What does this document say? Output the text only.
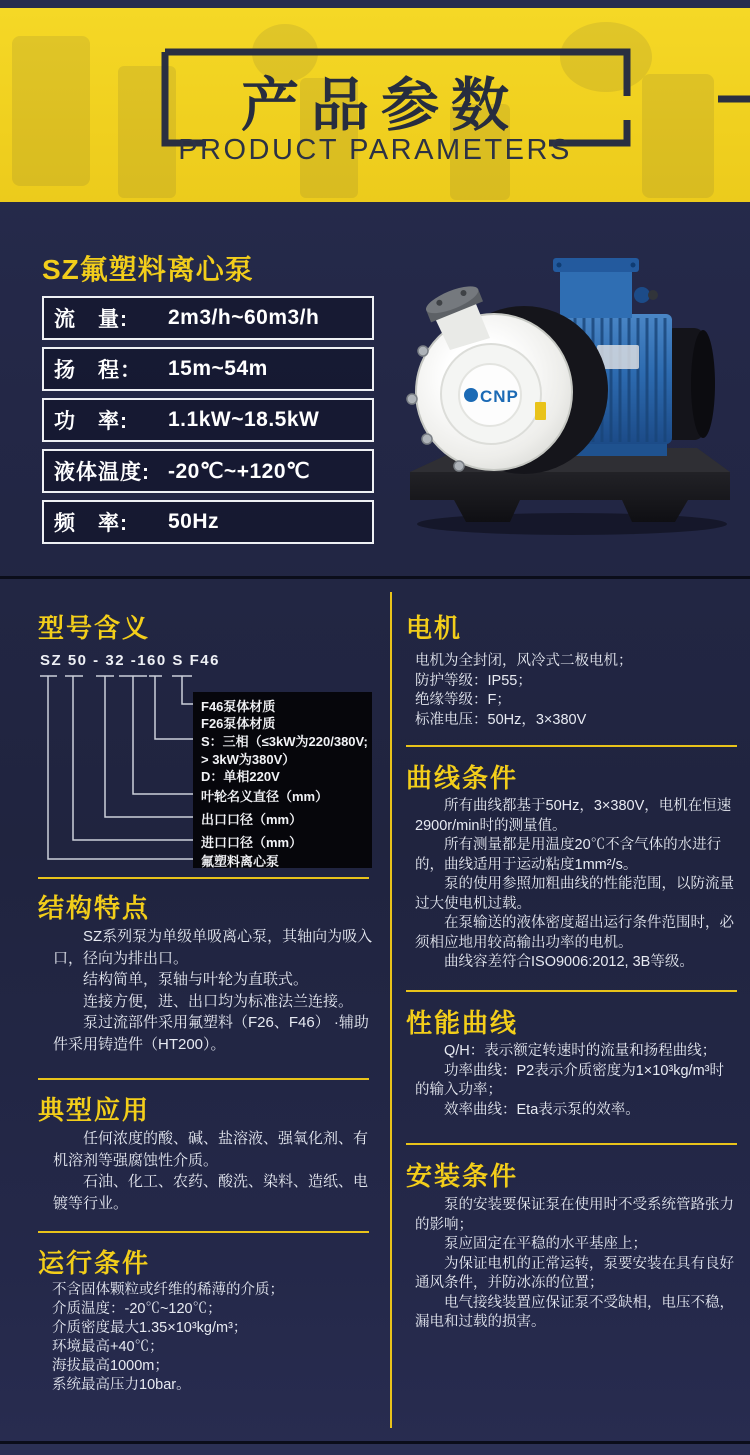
产品参数
PRODUCT PARAMETERS
SZ氟塑料离心泵
流　量:	2m3/h~60m3/h
扬　程：	15m~54m
功　率:	1.1kW~18.5kW
液体温度: -20℃~+120℃
频　率:	50Hz
CNP
型号含义
SZ 50 - 32 -160 S F46
F46泵体材质
F26泵体材质
S：三相（≤3kW为220/380V;
> 3kW为380V）
D：单相220V
叶轮名义直径（mm）
出口口径（mm）
进口口径（mm）
氟塑料离心泵
结构特点

SZ系列泵为单级单吸离心泵，其轴向为吸入口，径向为排出口。

结构简单，泵轴与叶轮为直联式。

连接方便，进、出口均为标准法兰连接。

泵过流部件采用氟塑料（F26、F46） ·辅助件采用铸造件（HT200）。

典型应用

任何浓度的酸、碱、盐溶液、强氧化剂、有机溶剂等强腐蚀性介质。

石油、化工、农药、酸洗、染料、造纸、电镀等行业。

运行条件

不含固体颗粒或纤维的稀薄的介质；

介质温度：-20℃~120℃；

介质密度最大1.35×10³kg/m³；

环境最高+40℃；

海拔最高1000m；

系统最高压力10bar。

电机

电机为全封闭，风冷式二极电机；

防护等级：IP55；

绝缘等级：F；

标准电压：50Hz，3×380V

曲线条件

所有曲线都基于50Hz，3×380V，电机在恒速2900r/min时的测量值。

所有测量都是用温度20℃不含气体的水进行的，曲线适用于运动粘度1mm²/s。

泵的使用参照加粗曲线的性能范围，以防流量过大使电机过载。

在泵输送的液体密度超出运行条件范围时，必须相应地用较高输出功率的电机。

曲线容差符合ISO9006:2012, 3B等级。

性能曲线

Q/H：表示额定转速时的流量和扬程曲线；

功率曲线：P2表示介质密度为1×10³kg/m³时的输入功率；

效率曲线：Eta表示泵的效率。

安装条件

泵的安装要保证泵在使用时不受系统管路张力的影响；

泵应固定在平稳的水平基座上；

为保证电机的正常运转，泵要安装在具有良好通风条件，并防冰冻的位置；

电气接线装置应保证泵不受缺相，电压不稳，漏电和过载的损害。
